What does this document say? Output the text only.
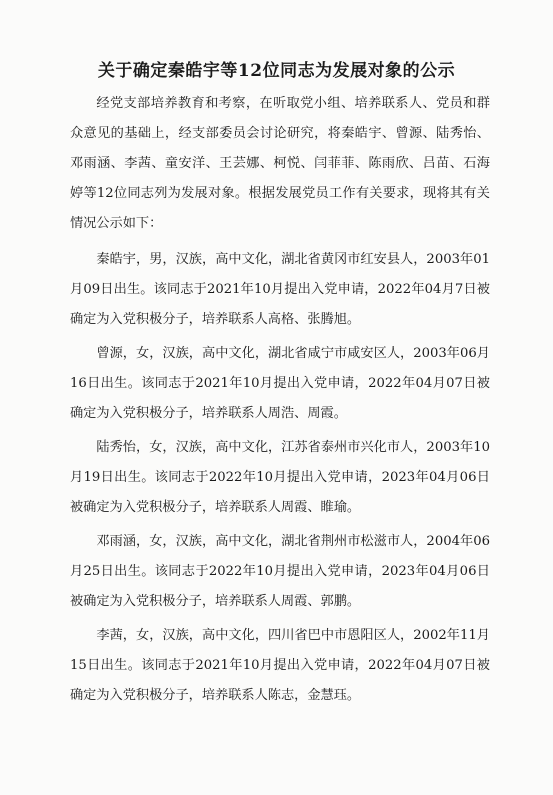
关于确定秦皓宇等12位同志为发展对象的公示

经党支部培养教育和考察，在听取党小组、培养联系人、党员和群众意见的基础上，经支部委员会讨论研究，将秦皓宇、曾源、陆秀怡、邓雨涵、李茜、童安洋、王芸娜、柯悦、闫菲菲、陈雨欣、吕苗、石海婷等12位同志列为发展对象。根据发展党员工作有关要求，现将其有关情况公示如下：

秦皓宇，男，汉族，高中文化，湖北省黄冈市红安县人，2003年01月09日出生。该同志于2021年10月提出入党申请，2022年04月7日被确定为入党积极分子，培养联系人高格、张腾旭。

曾源，女，汉族，高中文化，湖北省咸宁市咸安区人，2003年06月16日出生。该同志于2021年10月提出入党申请，2022年04月07日被确定为入党积极分子，培养联系人周浩、周霞。

陆秀怡，女，汉族，高中文化，江苏省泰州市兴化市人，2003年10月19日出生。该同志于2022年10月提出入党申请，2023年04月06日被确定为入党积极分子，培养联系人周霞、睢瑜。

邓雨涵，女，汉族，高中文化，湖北省荆州市松滋市人，2004年06月25日出生。该同志于2022年10月提出入党申请，2023年04月06日被确定为入党积极分子，培养联系人周霞、郭鹏。

李茜，女，汉族，高中文化，四川省巴中市恩阳区人，2002年11月15日出生。该同志于2021年10月提出入党申请，2022年04月07日被确定为入党积极分子，培养联系人陈志，金慧珏。
